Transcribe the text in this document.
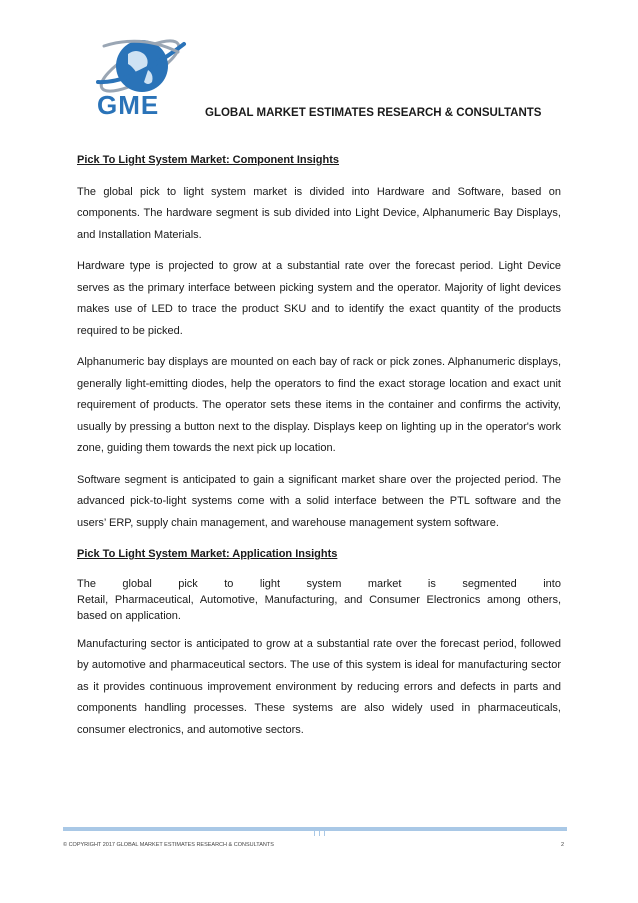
GME	GLOBAL MARKET ESTIMATES RESEARCH & CONSULTANTS
Pick To Light System Market: Component Insights

The global pick to light system market is divided into Hardware and Software, based on components. The hardware segment is sub divided into Light Device, Alphanumeric Bay Displays, and Installation Materials.

Hardware type is projected to grow at a substantial rate over the forecast period. Light Device serves as the primary interface between picking system and the operator. Majority of light devices makes use of LED to trace the product SKU and to identify the exact quantity of the products required to be picked.

Alphanumeric bay displays are mounted on each bay of rack or pick zones. Alphanumeric displays, generally light-emitting diodes, help the operators to find the exact storage location and exact unit requirement of products. The operator sets these items in the container and confirms the activity, usually by pressing a button next to the display. Displays keep on lighting up in the operator's work zone, guiding them towards the next pick up location.

Software segment is anticipated to gain a significant market share over the projected period. The advanced pick-to-light systems come with a solid interface between the PTL software and the users’ ERP, supply chain management, and warehouse management system software.

Pick To Light System Market: Application Insights
The global pick to light system market is segmented into
Retail, Pharmaceutical, Automotive, Manufacturing, and Consumer Electronics among others, based on application.

Manufacturing sector is anticipated to grow at a substantial rate over the forecast period, followed by automotive and pharmaceutical sectors. The use of this system is ideal for manufacturing sector as it provides continuous improvement environment by reducing errors and defects in parts and components handling processes. These systems are also widely used in pharmaceuticals, consumer electronics, and automotive sectors.

© COPYRIGHT 2017 GLOBAL MARKET ESTIMATES RESEARCH & CONSULTANTS	2
